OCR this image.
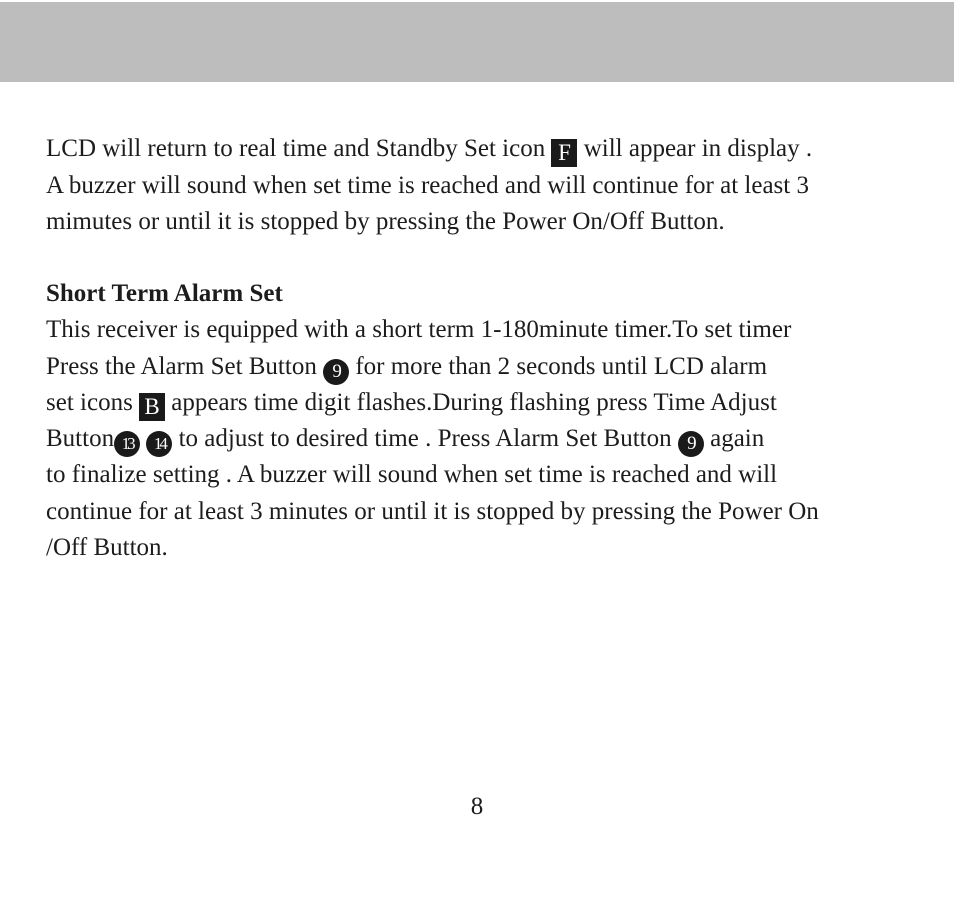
LCD will return to real time and Standby Set icon F will appear in display .
A buzzer will sound when set time is reached and will continue for at least 3
mimutes or until it is stopped by pressing the Power On/Off Button.
Short Term Alarm Set
This receiver is equipped with a short term 1-180minute timer.To set timer
Press the Alarm Set Button 9 for more than 2 seconds until LCD alarm
set icons B appears time digit flashes.During flashing press Time Adjust
Button 13 14 to adjust to desired time . Press Alarm Set Button 9 again
to finalize setting . A buzzer will sound when set time is reached and will
continue for at least 3 minutes or until it is stopped by pressing the Power On
/Off Button.
8
